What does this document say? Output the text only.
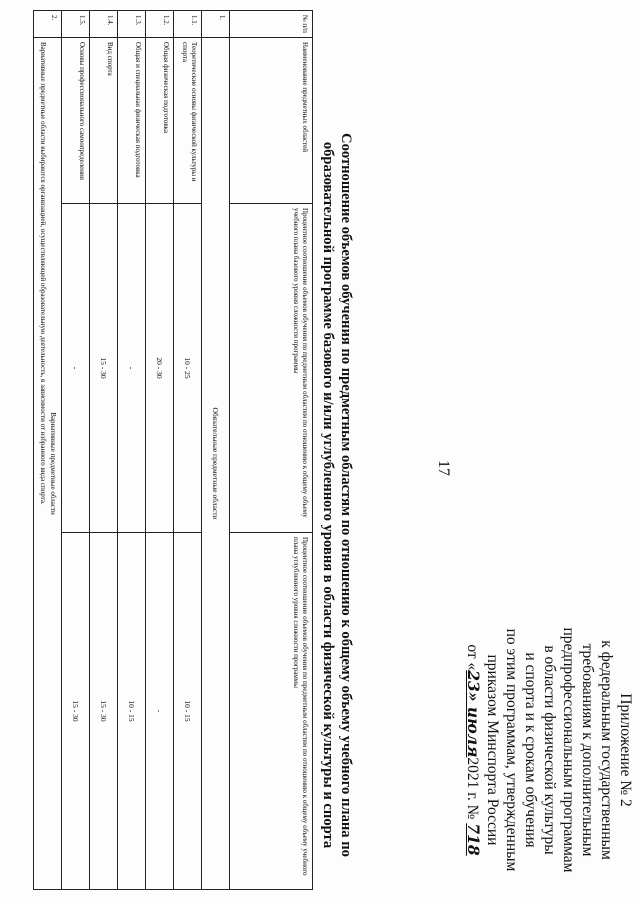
17
Приложение № 2
к федеральным государственным
требованиям к дополнительным
предпрофессиональным программам
в области физической культуры
и спорта и к срокам обучения
по этим программам, утвержденным
приказом Минспорта России
от «23» июля2021 г. № 718
Соотношение объемов обучения по предметным областям по отношению к общему объему учебного плана по
образовательной программе базового и/или углубленного уровня в области физической культуры и спорта
№ п/п	Наименование предметных областей	Процентное соотношение объемов обучения по предметным областям по отношению к общему объему учебного плана базового уровня сложности программы	Процентное соотношение объемов обучения по предметным областям по отношению к общему объему учебного плана углубленного уровня сложности программы
1.	Обязательные предметные области		
1.1.	Теоретические основы физической культуры и спорта	10 - 25	10 - 15
1.2.	Общая физическая подготовка	20 - 30	-
1.3.	Общая и специальная физическая подготовка	-	10 - 15
1.4.	Вид спорта	15 - 30	15 - 30
1.5.	Основы профессионального самоопределения	-	15 - 30
2.	Вариативные предметные области
Вариативные предметные области выбираются организацией, осуществляющей образовательную деятельность, в зависимости от избранного вида спорта.		
